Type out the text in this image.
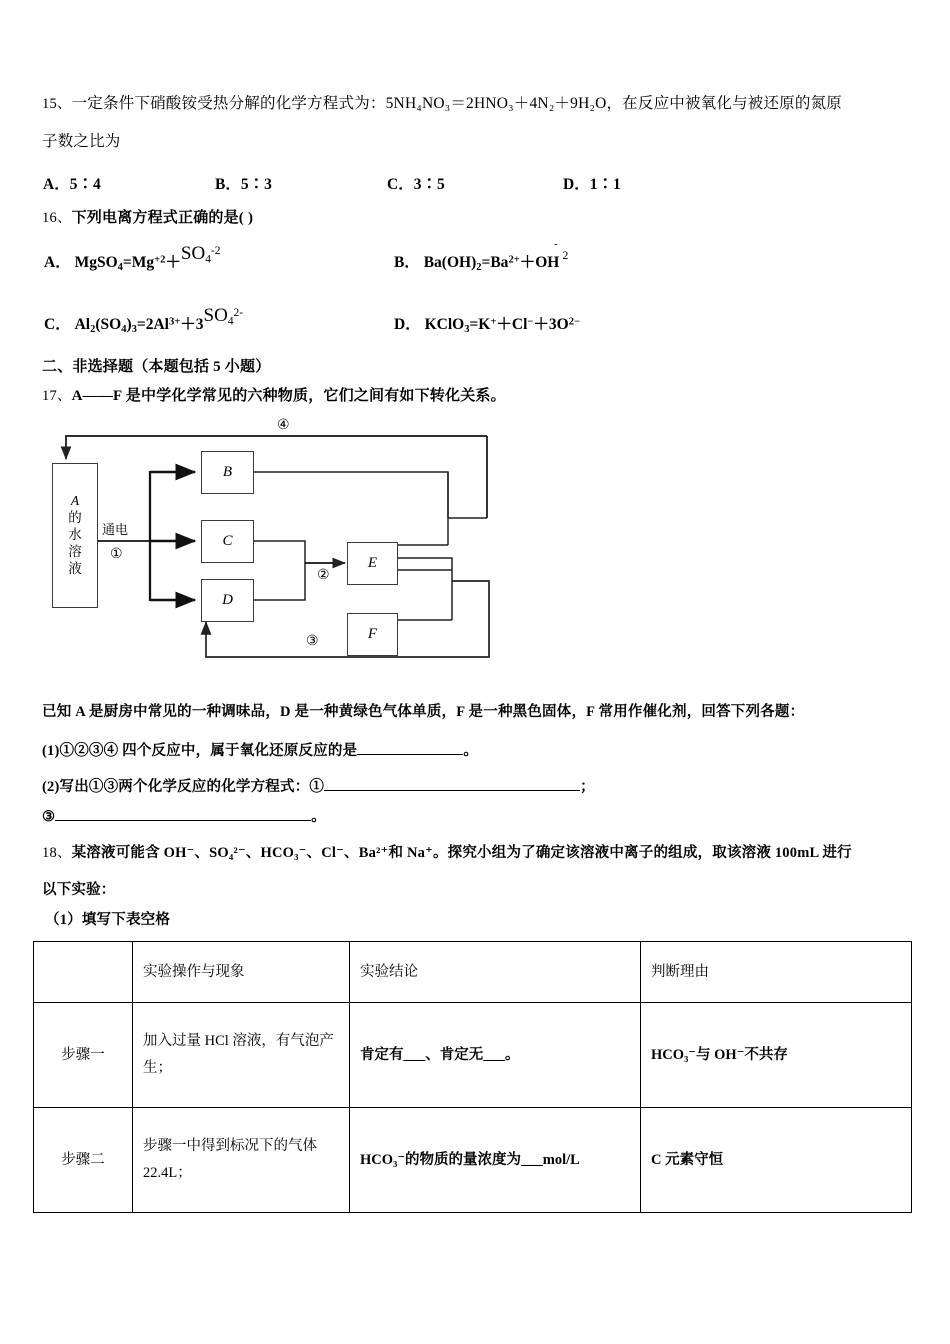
15、一定条件下硝酸铵受热分解的化学方程式为：5NH₄NO₃＝2HNO₃＋4N₂＋9H₂O，在反应中被氧化与被还原的氮原
子数之比为
A．5∶4	B．5∶3	C．3∶5	D．1∶1
16、下列电离方程式正确的是( )
A． $MgSO_4=Mg^{+2}+SO_4^{-2}$
B． $Ba(OH)_2=Ba^{2+}+OH$ $^{^2}$
-
C． $Al_2(SO_4)_3=2Al^{3+}+3SO_4^{2-}$
D． $KClO_3=K^++Cl^-+3O^{2-}$
二、非选择题（本题包括 5 小题）
17、A——F 是中学化学常见的六种物质，它们之间有如下转化关系。
A
的
水
溶
液
通电
①
②
③
④
B
C
D
E
F
已知 A 是厨房中常见的一种调味品，D 是一种黄绿色气体单质，F 是一种黑色固体，F 常用作催化剂，回答下列各题：
(1)①②③④ 四个反应中，属于氧化还原反应的是	。
(2)写出①③两个化学反应的化学方程式：①	；
③	。
18、某溶液可能含 OH⁻、SO₄²⁻、HCO₃⁻、Cl⁻、Ba²⁺和 Na⁺。探究小组为了确定该溶液中离子的组成，取该溶液 100mL 进行
以下实验：
（1）填写下表空格
	实验操作与现象	实验结论	判断理由
步骤一	加入过量 HCl 溶液，有气泡产生；	肯定有___、肯定无___。	HCO₃⁻与 OH⁻不共存
步骤二	步骤一中得到标况下的气体 22.4L；	HCO₃⁻的物质的量浓度为___mol/L	C 元素守恒
